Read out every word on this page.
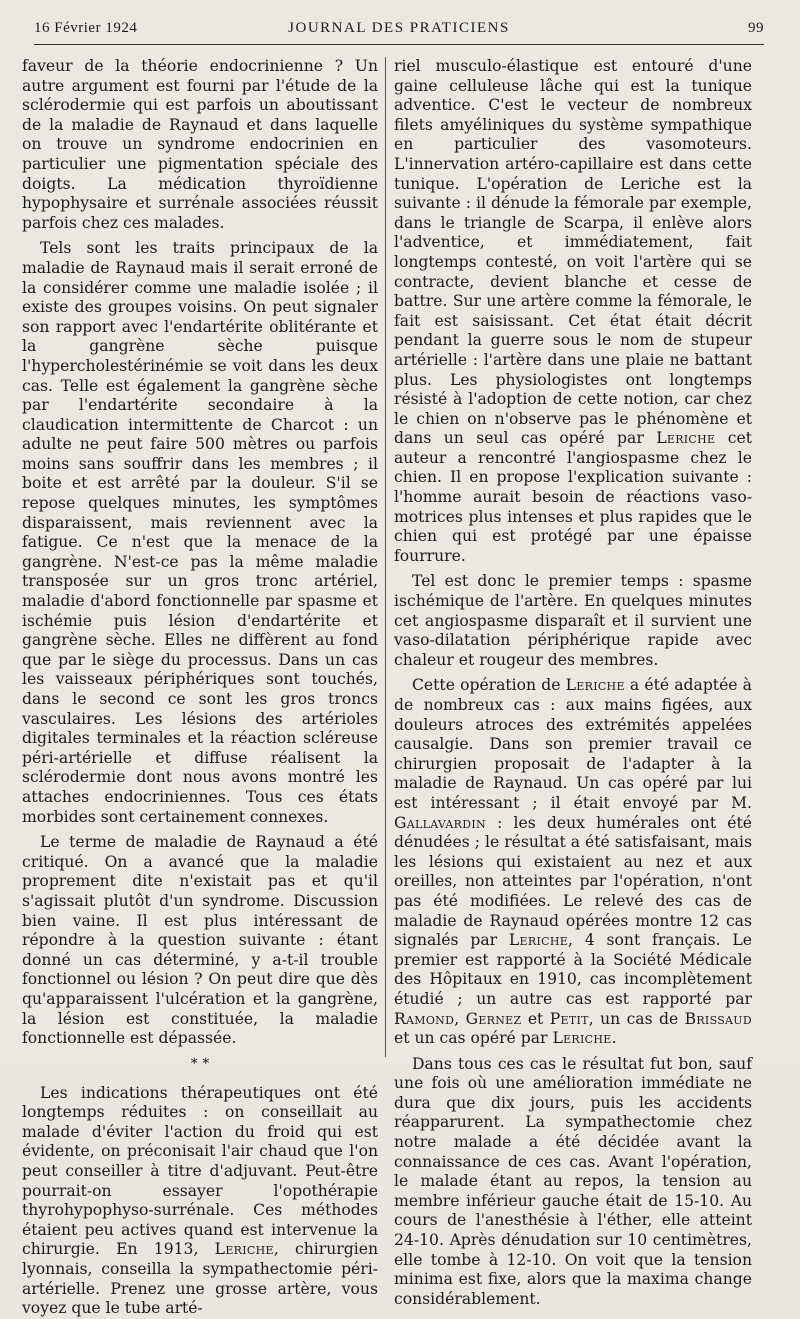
16 Février 1924	JOURNAL DES PRATICIENS	99

faveur de la théorie endocrinienne ? Un autre argument est fourni par l'étude de la sclérodermie qui est parfois un aboutissant de la maladie de Raynaud et dans laquelle on trouve un syndrome endocrinien en particulier une pigmentation spéciale des doigts. La médication thyroïdienne hypophysaire et surrénale associées réussit parfois chez ces malades.

Tels sont les traits principaux de la maladie de Raynaud mais il serait erroné de la considérer comme une maladie isolée ; il existe des groupes voisins. On peut signaler son rapport avec l'endartérite oblitérante et la gangrène sèche puisque l'hypercholestérinémie se voit dans les deux cas. Telle est également la gangrène sèche par l'endartérite secondaire à la claudication intermittente de Charcot : un adulte ne peut faire 500 mètres ou parfois moins sans souffrir dans les membres ; il boite et est arrêté par la douleur. S'il se repose quelques minutes, les symptômes disparaissent, mais reviennent avec la fatigue. Ce n'est que la menace de la gangrène. N'est-ce pas la même maladie transposée sur un gros tronc artériel, maladie d'abord fonctionnelle par spasme et ischémie puis lésion d'endartérite et gangrène sèche. Elles ne diffèrent au fond que par le siège du processus. Dans un cas les vaisseaux périphériques sont touchés, dans le second ce sont les gros troncs vasculaires. Les lésions des artérioles digitales terminales et la réaction scléreuse péri-artérielle et diffuse réalisent la sclérodermie dont nous avons montré les attaches endocriniennes. Tous ces états morbides sont certainement connexes.

Le terme de maladie de Raynaud a été critiqué. On a avancé que la maladie proprement dite n'existait pas et qu'il s'agissait plutôt d'un syndrome. Discussion bien vaine. Il est plus intéressant de répondre à la question suivante : étant donné un cas déterminé, y a-t-il trouble fonctionnel ou lésion ? On peut dire que dès qu'apparaissent l'ulcération et la gangrène, la lésion est constituée, la maladie fonctionnelle est dépassée.

* *

Les indications thérapeutiques ont été longtemps réduites : on conseillait au malade d'éviter l'action du froid qui est évidente, on préconisait l'air chaud que l'on peut conseiller à titre d'adjuvant. Peut-être pourrait-on essayer l'opothérapie thyrohypophyso-surrénale. Ces méthodes étaient peu actives quand est intervenue la chirurgie. En 1913, Leriche, chirurgien lyonnais, conseilla la sympathectomie péri-artérielle. Prenez une grosse artère, vous voyez que le tube arté-

riel musculo-élastique est entouré d'une gaine celluleuse lâche qui est la tunique adventice. C'est le vecteur de nombreux filets amyéliniques du système sympathique en particulier des vasomoteurs. L'innervation artéro-capillaire est dans cette tunique. L'opération de Leriche est la suivante : il dénude la fémorale par exemple, dans le triangle de Scarpa, il enlève alors l'adventice, et immédiatement, fait longtemps contesté, on voit l'artère qui se contracte, devient blanche et cesse de battre. Sur une artère comme la fémorale, le fait est saisissant. Cet état était décrit pendant la guerre sous le nom de stupeur artérielle : l'artère dans une plaie ne battant plus. Les physiologistes ont longtemps résisté à l'adoption de cette notion, car chez le chien on n'observe pas le phénomène et dans un seul cas opéré par Leriche cet auteur a rencontré l'angiospasme chez le chien. Il en propose l'explication suivante : l'homme aurait besoin de réactions vaso-motrices plus intenses et plus rapides que le chien qui est protégé par une épaisse fourrure.

Tel est donc le premier temps : spasme ischémique de l'artère. En quelques minutes cet angiospasme disparaît et il survient une vaso-dilatation périphérique rapide avec chaleur et rougeur des membres.

Cette opération de Leriche a été adaptée à de nombreux cas : aux mains figées, aux douleurs atroces des extrémités appelées causalgie. Dans son premier travail ce chirurgien proposait de l'adapter à la maladie de Raynaud. Un cas opéré par lui est intéressant ; il était envoyé par M. Gallavardin : les deux humérales ont été dénudées ; le résultat a été satisfaisant, mais les lésions qui existaient au nez et aux oreilles, non atteintes par l'opération, n'ont pas été modifiées. Le relevé des cas de maladie de Raynaud opérées montre 12 cas signalés par Leriche, 4 sont français. Le premier est rapporté à la Société Médicale des Hôpitaux en 1910, cas incomplètement étudié ; un autre cas est rapporté par Ramond, Gernez et Petit, un cas de Brissaud et un cas opéré par Leriche.

Dans tous ces cas le résultat fut bon, sauf une fois où une amélioration immédiate ne dura que dix jours, puis les accidents réapparurent. La sympathectomie chez notre malade a été décidée avant la connaissance de ces cas. Avant l'opération, le malade étant au repos, la tension au membre inférieur gauche était de 15-10. Au cours de l'anesthésie à l'éther, elle atteint 24-10. Après dénudation sur 10 centimètres, elle tombe à 12-10. On voit que la tension minima est fixe, alors que la maxima change considérablement.
